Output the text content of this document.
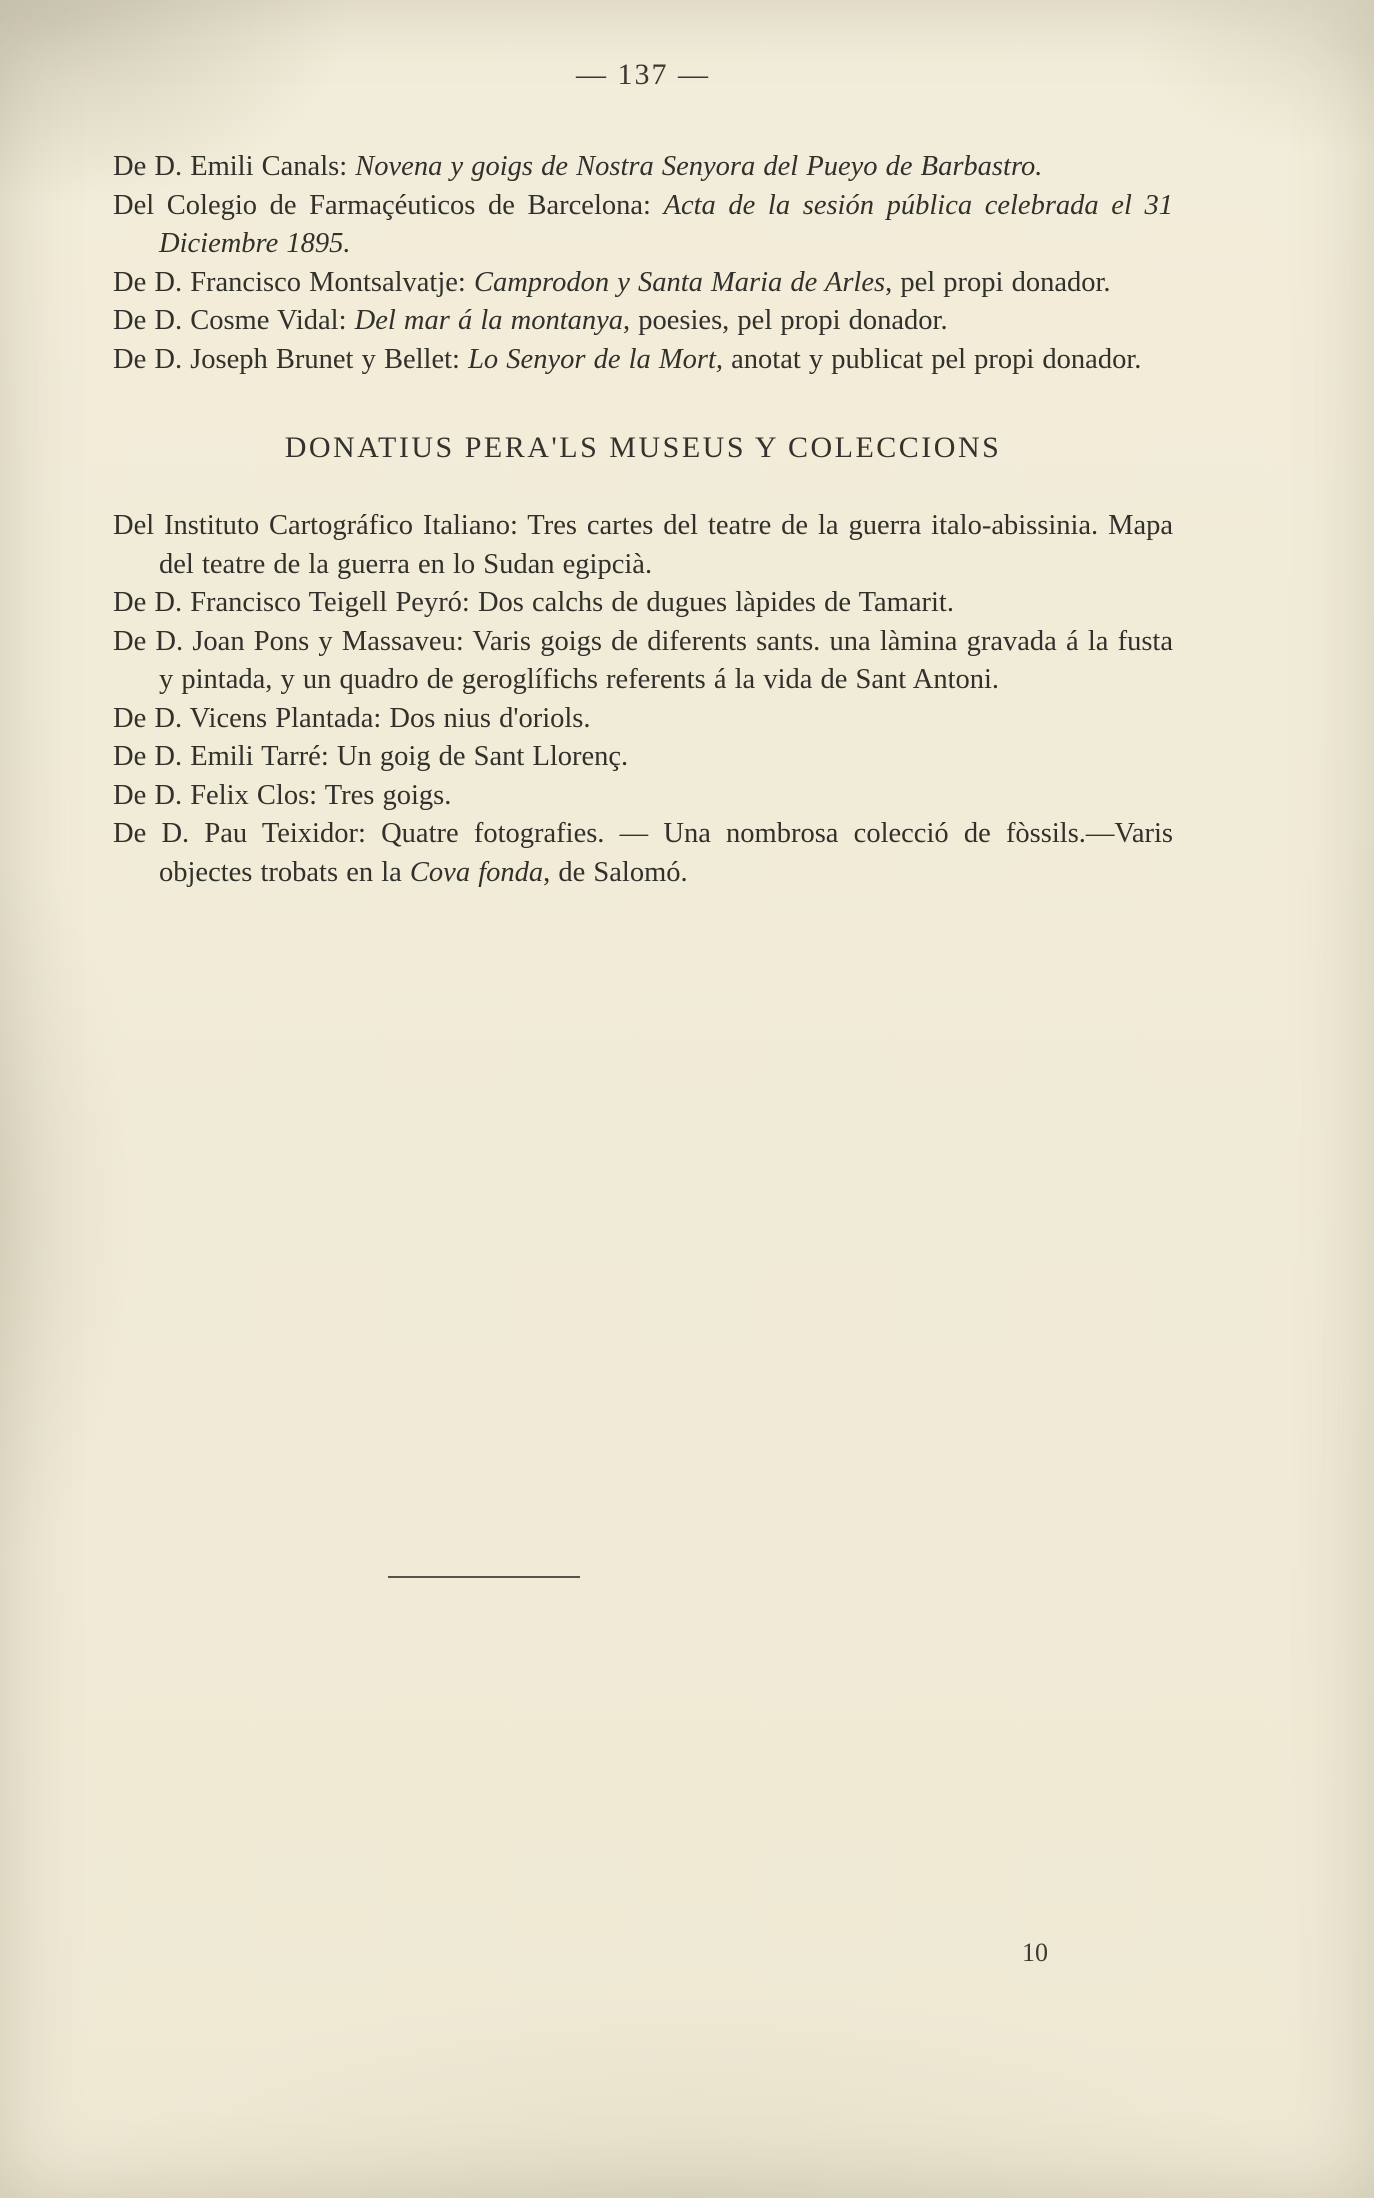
— 137 —

De D. Emili Canals: Novena y goigs de Nostra Senyora del Pueyo de Barbastro.

Del Colegio de Farmaçéuticos de Barcelona: Acta de la sesión pública celebrada el 31 Diciembre 1895.

De D. Francisco Montsalvatje: Camprodon y Santa Maria de Arles, pel propi donador.

De D. Cosme Vidal: Del mar á la montanya, poesies, pel propi donador.

De D. Joseph Brunet y Bellet: Lo Senyor de la Mort, anotat y publicat pel propi donador.

DONATIUS PERA'LS MUSEUS Y COLECCIONS

Del Instituto Cartográfico Italiano: Tres cartes del teatre de la guerra italo-abissinia. Mapa del teatre de la guerra en lo Sudan egipcià.

De D. Francisco Teigell Peyró: Dos calchs de dugues làpides de Tamarit.

De D. Joan Pons y Massaveu: Varis goigs de diferents sants. una làmina gravada á la fusta y pintada, y un quadro de geroglífichs referents á la vida de Sant Antoni.

De D. Vicens Plantada: Dos nius d'oriols.

De D. Emili Tarré: Un goig de Sant Llorenç.

De D. Felix Clos: Tres goigs.

De D. Pau Teixidor: Quatre fotografies. — Una nombrosa colecció de fòssils.—Varis objectes trobats en la Cova fonda, de Salomó.

10
